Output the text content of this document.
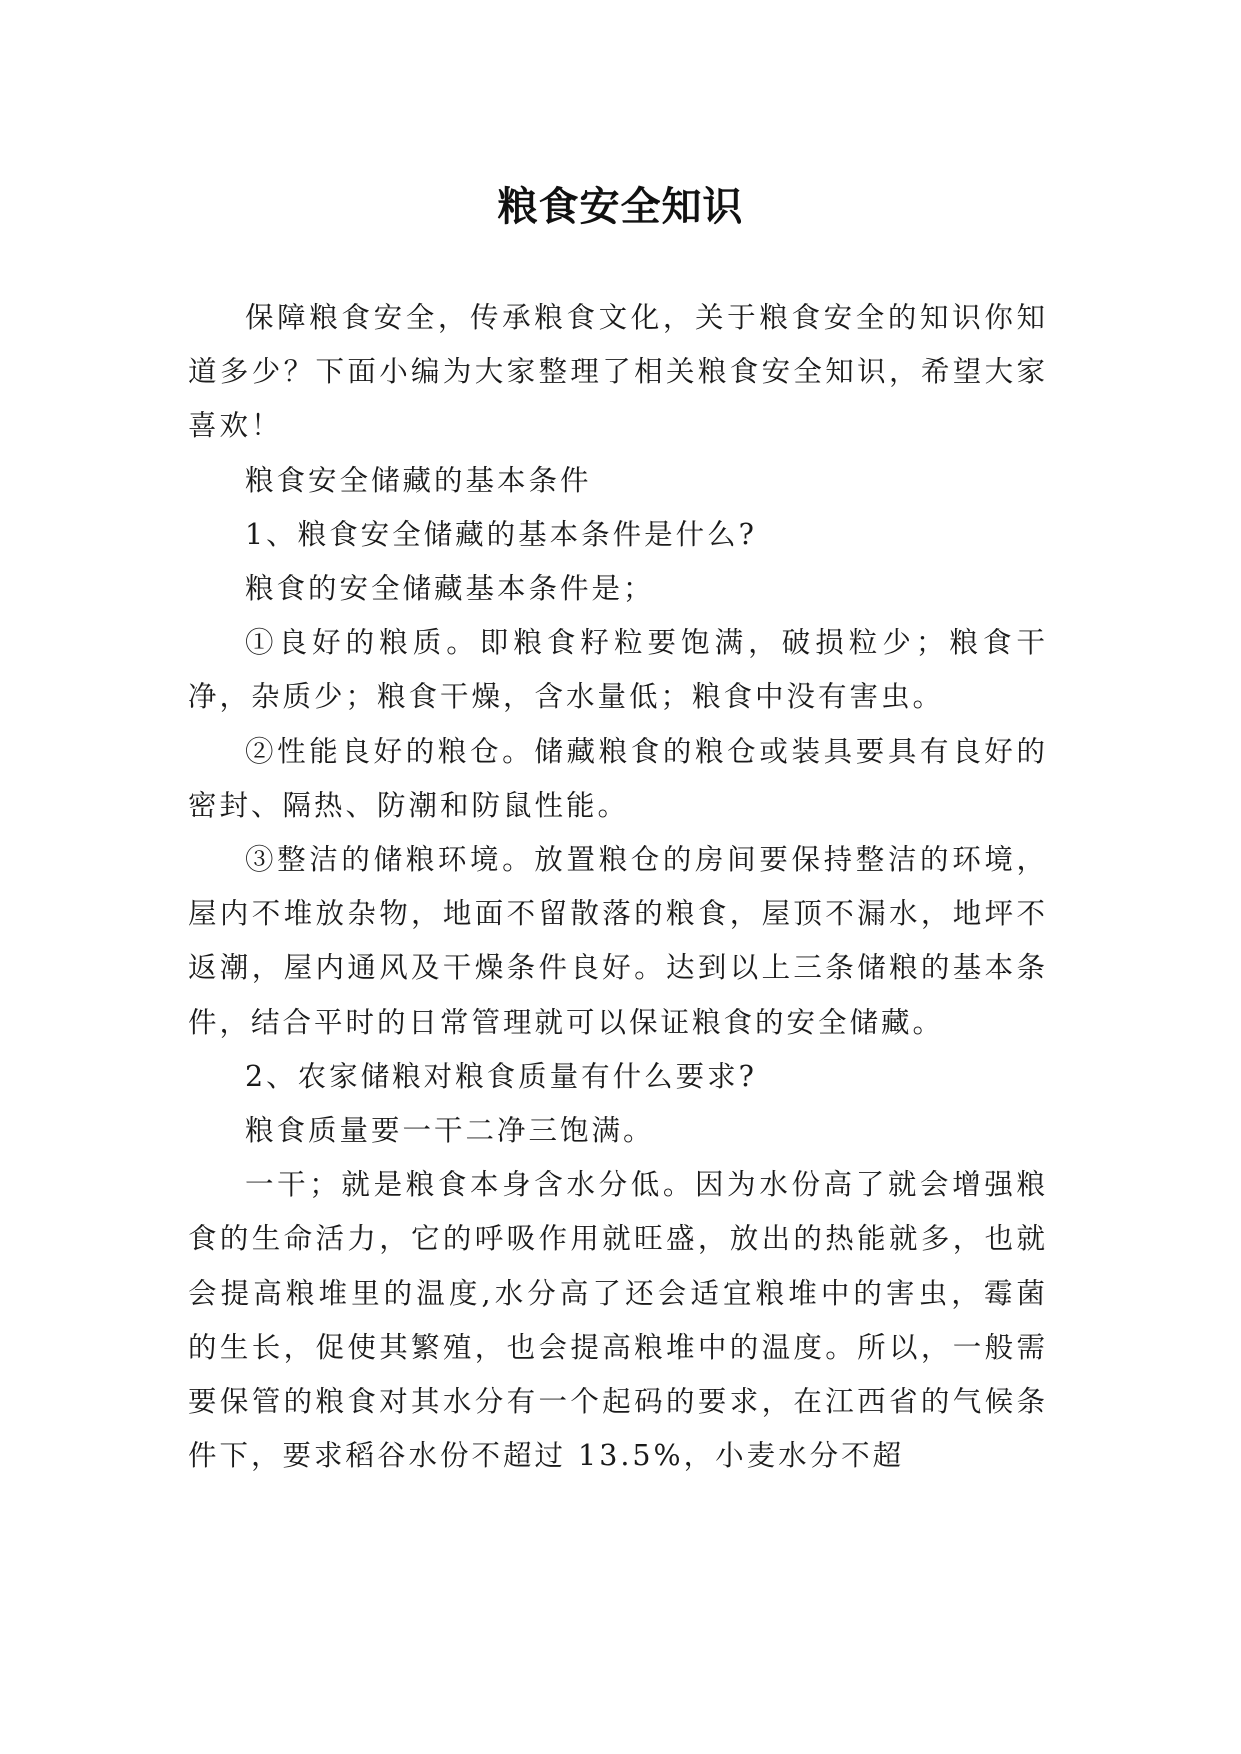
粮食安全知识

保障粮食安全，传承粮食文化，关于粮食安全的知识你知道多少？下面小编为大家整理了相关粮食安全知识，希望大家喜欢！

粮食安全储藏的基本条件

1、粮食安全储藏的基本条件是什么?

粮食的安全储藏基本条件是；

①良好的粮质。即粮食籽粒要饱满，破损粒少；粮食干净，杂质少；粮食干燥，含水量低；粮食中没有害虫。

②性能良好的粮仓。储藏粮食的粮仓或装具要具有良好的密封、隔热、防潮和防鼠性能。

③整洁的储粮环境。放置粮仓的房间要保持整洁的环境，屋内不堆放杂物，地面不留散落的粮食，屋顶不漏水，地坪不返潮，屋内通风及干燥条件良好。达到以上三条储粮的基本条件，结合平时的日常管理就可以保证粮食的安全储藏。

2、农家储粮对粮食质量有什么要求?

粮食质量要一干二净三饱满。

一干；就是粮食本身含水分低。因为水份高了就会增强粮食的生命活力，它的呼吸作用就旺盛，放出的热能就多，也就会提高粮堆里的温度,水分高了还会适宜粮堆中的害虫，霉菌的生长，促使其繁殖，也会提高粮堆中的温度。所以，一般需要保管的粮食对其水分有一个起码的要求，在江西省的气候条件下，要求稻谷水份不超过 13.5%，小麦水分不超
